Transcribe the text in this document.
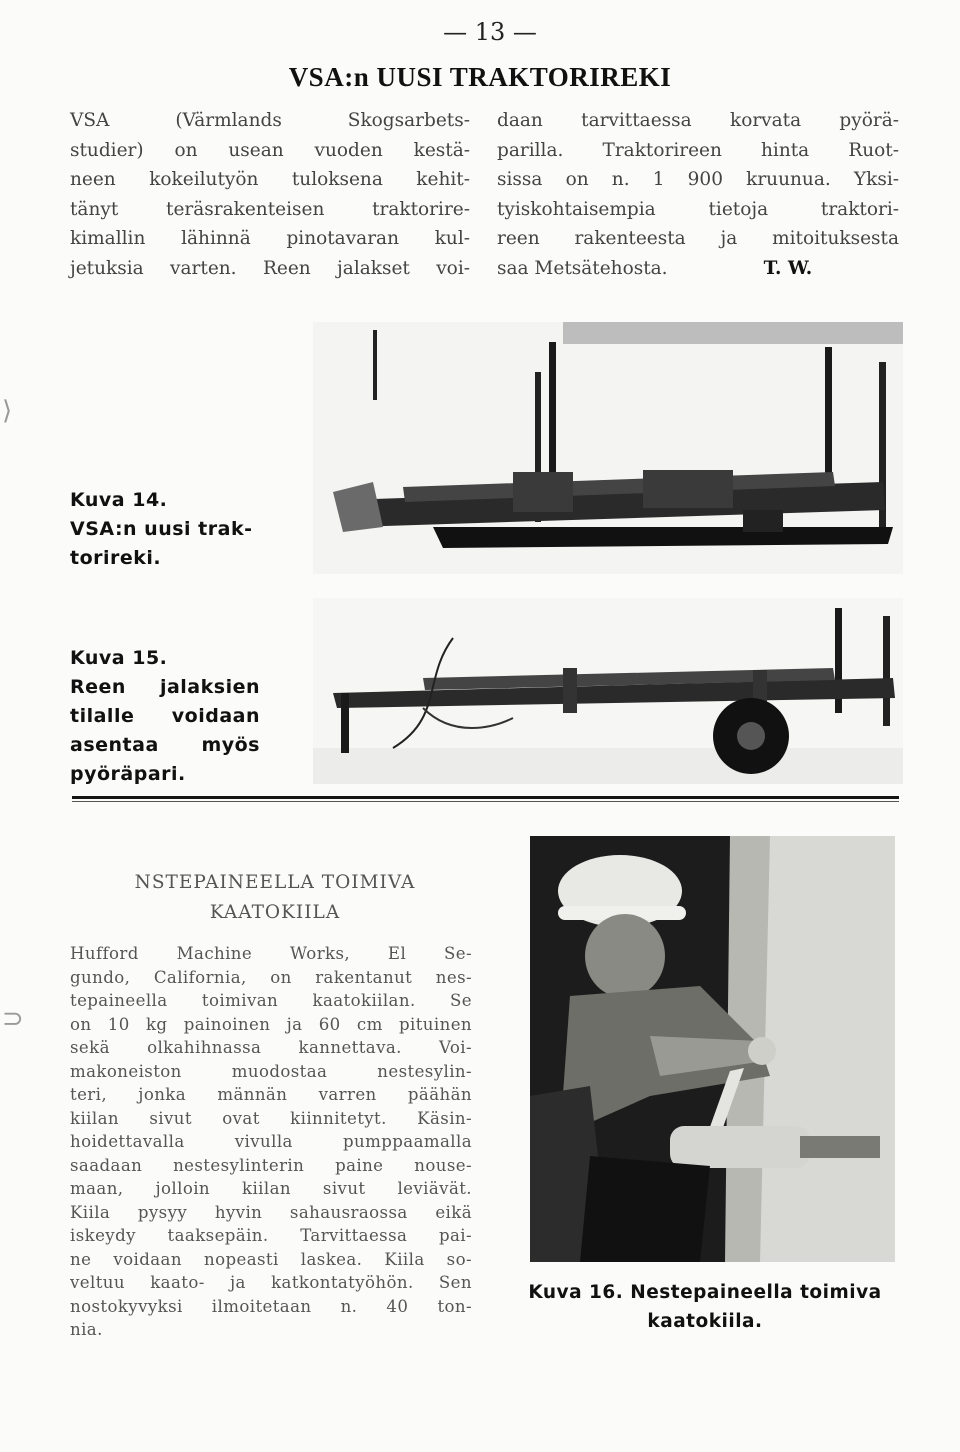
— 13 —
VSA:n UUSI TRAKTORIREKI
VSA (Värmlands Skogsarbets-
studier) on usean vuoden kestä-
neen kokeilutyön tuloksena kehit-
tänyt teräsrakenteisen traktorire-
kimallin lähinnä pinotavaran kul-
jetuksia varten. Reen jalakset voi-
daan tarvittaessa korvata pyörä-
parilla. Traktorireen hinta Ruot-
sissa on n. 1 900 kruunua. Yksi-
tyiskohtaisempia tietoja traktori-
reen rakenteesta ja mitoituksesta
saa Metsätehosta.	T. W.
⟩
⊃
Kuva 14.
VSA:n uusi trak-
torireki.
Kuva 15.
Reen jalaksien
tilalle voidaan
asentaa myös
pyöräpari.
NSTEPAINEELLA TOIMIVA
KAATOKIILA
Hufford Machine Works, El Se-
gundo, California, on rakentanut nes-
tepaineella toimivan kaatokiilan. Se
on 10 kg painoinen ja 60 cm pituinen
sekä olkahihnassa kannettava. Voi-
makoneiston muodostaa nestesylin-
teri, jonka männän varren päähän
kiilan sivut ovat kiinnitetyt. Käsin-
hoidettavalla vivulla pumppaamalla
saadaan nestesylinterin paine nouse-
maan, jolloin kiilan sivut leviävät.
Kiila pysyy hyvin sahausraossa eikä
iskeydy taaksepäin. Tarvittaessa pai-
ne voidaan nopeasti laskea. Kiila so-
veltuu kaato- ja katkontatyöhön. Sen
nostokyvyksi ilmoitetaan n. 40 ton-
nia.
Kuva 16. Nestepaineella toimiva
kaatokiila.
